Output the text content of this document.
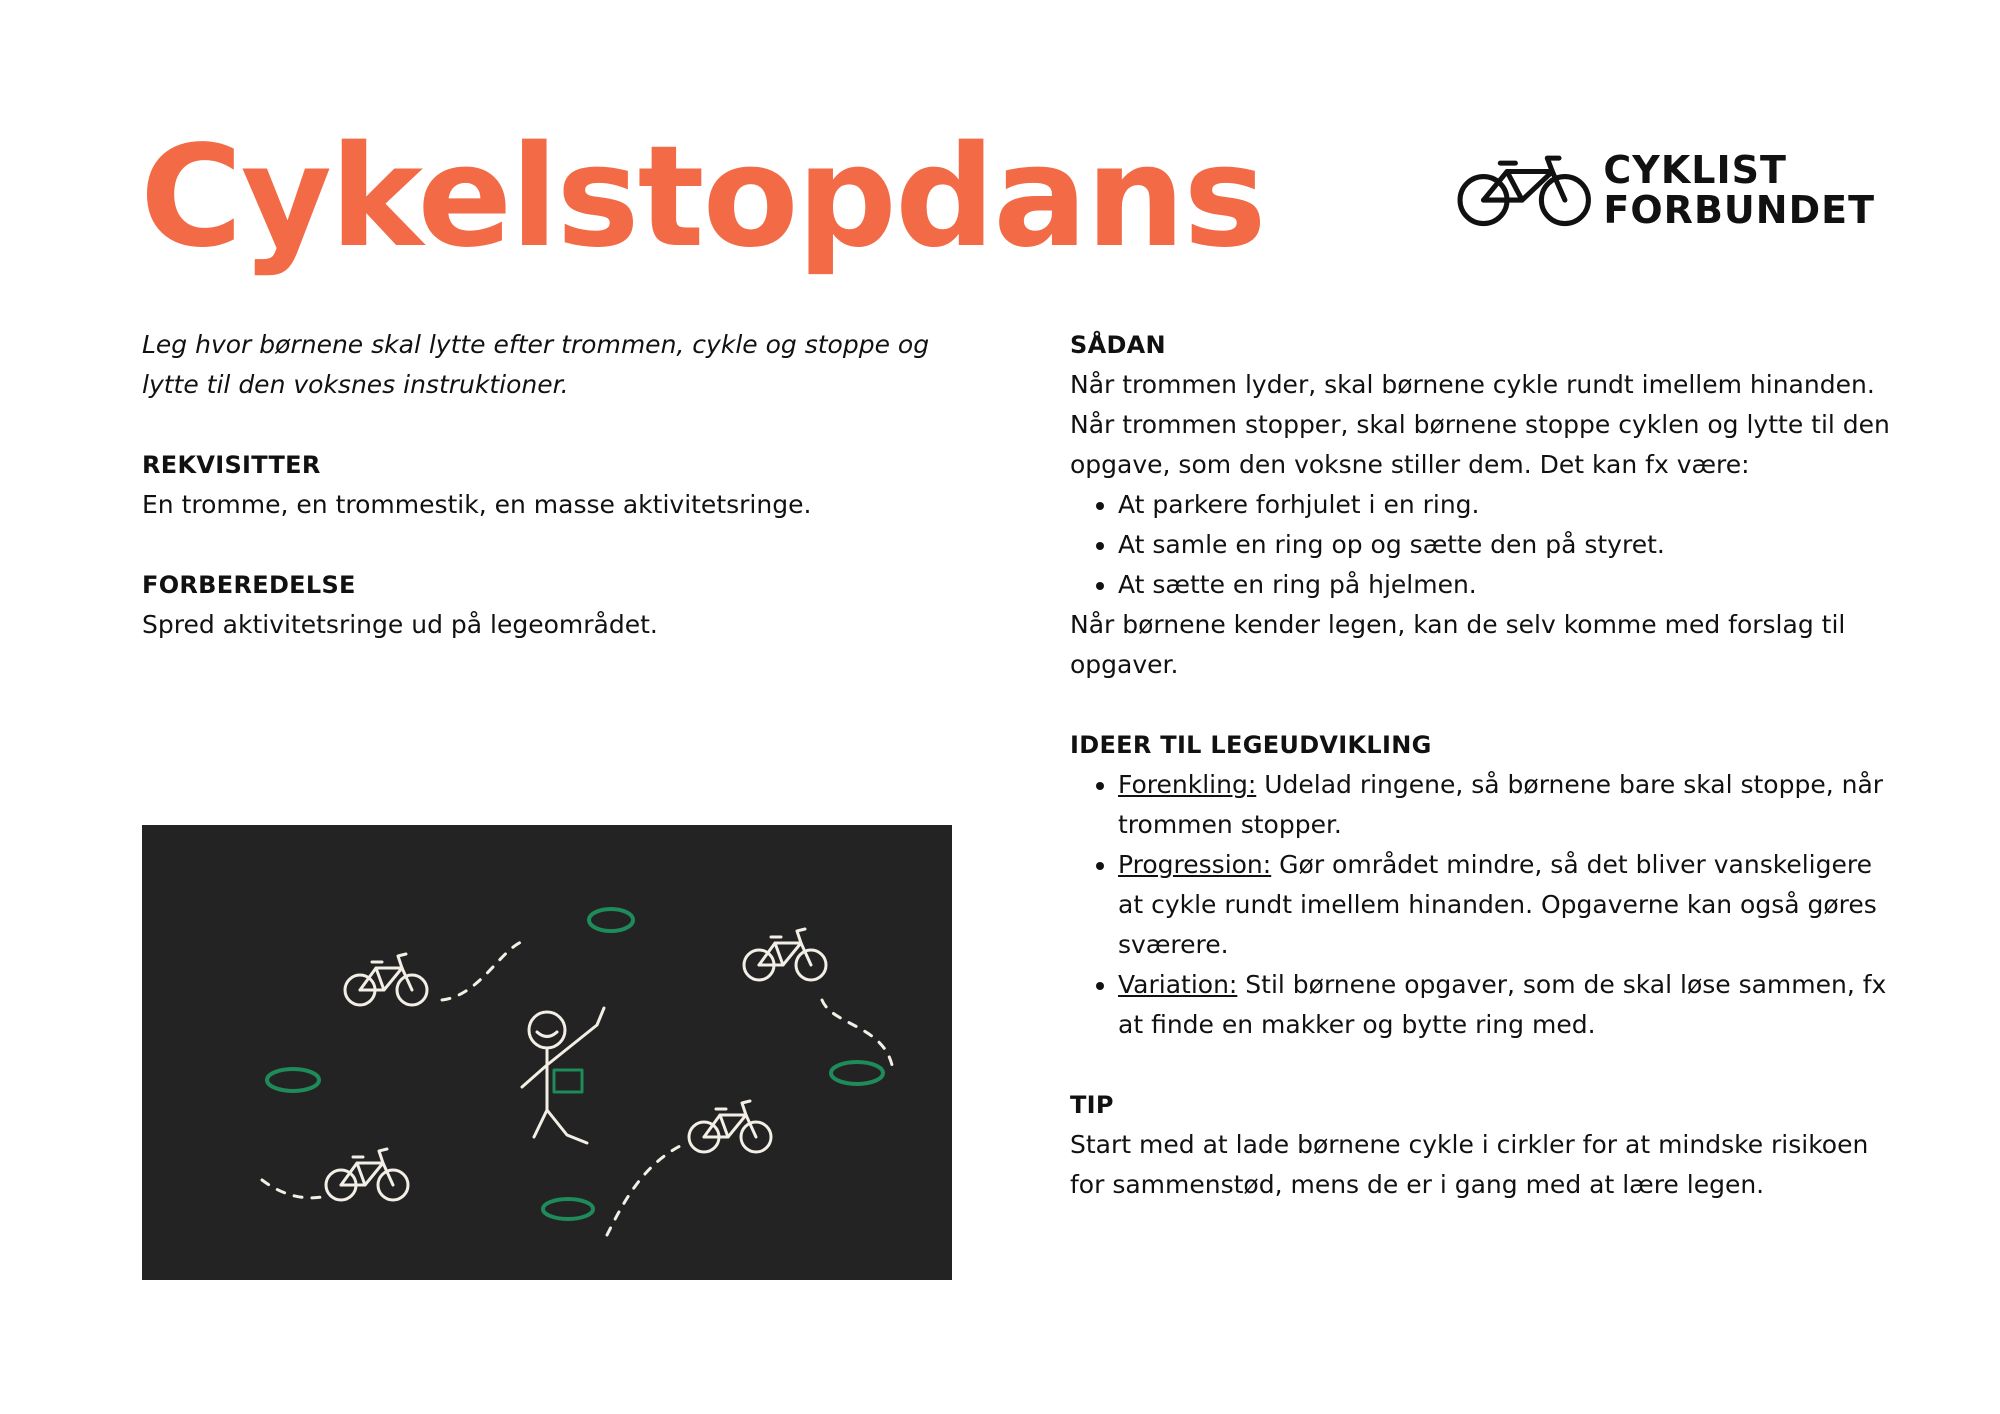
Cykelstopdans	CYKLIST
FORBUNDET

Leg hvor børnene skal lytte efter trommen, cykle og stoppe og lytte til den voksnes instruktioner.

REKVISITTER

En tromme, en trommestik, en masse aktivitetsringe.

FORBEREDELSE

Spred aktivitetsringe ud på legeområdet.

SÅDAN

Når trommen lyder, skal børnene cykle rundt imellem hinanden. Når trommen stopper, skal børnene stoppe cyklen og lytte til den opgave, som den voksne stiller dem. Det kan fx være:

• At parkere forhjulet i en ring.
• At samle en ring op og sætte den på styret.
• At sætte en ring på hjelmen.

Når børnene kender legen, kan de selv komme med forslag til opgaver.

IDEER TIL LEGEUDVIKLING

• Forenkling: Udelad ringene, så børnene bare skal stoppe, når trommen stopper.
• Progression: Gør området mindre, så det bliver vanskeligere at cykle rundt imellem hinanden. Opgaverne kan også gøres sværere.
• Variation: Stil børnene opgaver, som de skal løse sammen, fx at finde en makker og bytte ring med.

TIP

Start med at lade børnene cykle i cirkler for at mindske risikoen for sammenstød, mens de er i gang med at lære legen.
